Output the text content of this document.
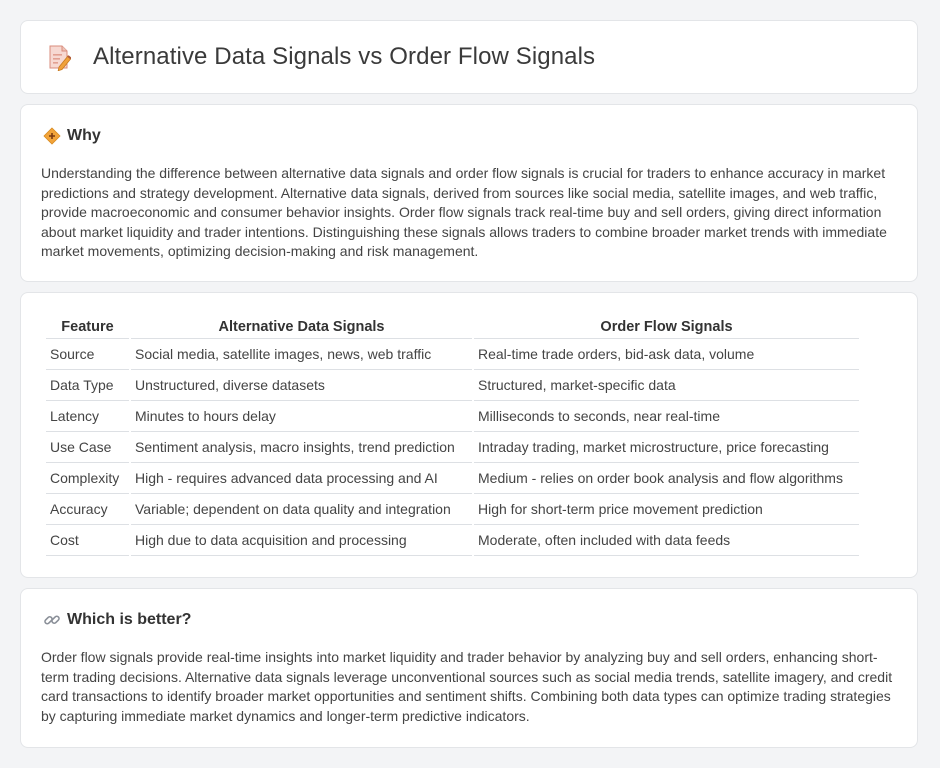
Alternative Data Signals vs Order Flow Signals
Why
Understanding the difference between alternative data signals and order flow signals is crucial for traders to enhance accuracy in market predictions and strategy development. Alternative data signals, derived from sources like social media, satellite images, and web traffic, provide macroeconomic and consumer behavior insights. Order flow signals track real-time buy and sell orders, giving direct information about market liquidity and trader intentions. Distinguishing these signals allows traders to combine broader market trends with immediate market movements, optimizing decision-making and risk management.
Feature	Alternative Data Signals	Order Flow Signals
Source	Social media, satellite images, news, web traffic	Real-time trade orders, bid-ask data, volume
Data Type	Unstructured, diverse datasets	Structured, market-specific data
Latency	Minutes to hours delay	Milliseconds to seconds, near real-time
Use Case	Sentiment analysis, macro insights, trend prediction	Intraday trading, market microstructure, price forecasting
Complexity	High - requires advanced data processing and AI	Medium - relies on order book analysis and flow algorithms
Accuracy	Variable; dependent on data quality and integration	High for short-term price movement prediction
Cost	High due to data acquisition and processing	Moderate, often included with data feeds
Which is better?
Order flow signals provide real-time insights into market liquidity and trader behavior by analyzing buy and sell orders, enhancing short-term trading decisions. Alternative data signals leverage unconventional sources such as social media trends, satellite imagery, and credit card transactions to identify broader market opportunities and sentiment shifts. Combining both data types can optimize trading strategies by capturing immediate market dynamics and longer-term predictive indicators.
